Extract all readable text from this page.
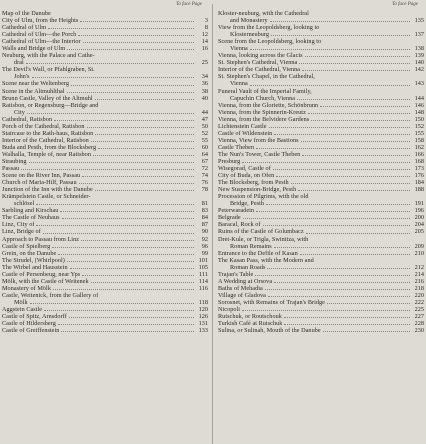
To face Page
Map of the Danube
City of Ulm, from the Heights	3
Cathedral of Ulm	8
Cathedral of Ulm—the Porch	12
Cathedral of Ulm—the Interior	14
Walls and Bridge of Ulm	16
Neuburg, with the Palace and Cathe-
dral	25
The Devil's Wall, or Pfahlgraben, St.
John's	34
Scene near the Weltenberg	36
Scene in the Altmuhlthal	38
Brunn Castle, Valley of the Altmuhl	40
Ratisbon, or Regensburg—Bridge and
City	44
Cathedral, Ratisbon	47
Porch of the Cathedral, Ratisbon	50
Staircase to the Rath-haus, Ratisbon	52
Interior of the Cathedral, Ratisbon	55
Buda and Pesth, from the Blocksberg	60
Walhalla, Temple of, near Ratisbon	64
Straubing	67
Passau	72
Scene on the River Inn, Passau	74
Church of Maria-Hilf, Passau	76
Junction of the Inn with the Danube	78
Krämpelstein Castle, or Schneider-
schlösel	81
Sarbling and Kirschau	83
The Castle of Neuhaus	84
Linz, City of	87
Linz, Bridge of	90
Approach to Passau from Linz	92
Castle of Spielberg	96
Grein, on the Danube	99
The Strudel, (Whirlpool)	101
The Wirbel and Hausstein	105
Castle of Persenbeug, near Yps	111
Mölk, with the Castle of Weitenek	114
Monastery of Mölk	116
Castle, Weitenick, from the Gallery of
Mölk	118
Aggstein Castle	120
Castle of Spitz, Arnsdorff	126
Castle of Hildersberg	131
Castle of Greiffenstein	133
To face Page
Kloster-neuburg, with the Cathedral
and Monastery	135
View from the Leopoldsberg, looking to
Klosterneuburg	137
Scene from the Leopoldsberg, looking to
Vienna	138
Vienna, looking across the Glacis	139
St. Stephen's Cathedral, Vienna	140
Interior of the Cathedral, Vienna	142
St. Stephen's Chapel, in the Cathedral,
Vienna	143
Funeral Vault of the Imperial Family,
Capuchin Church, Vienna	144
Vienna, from the Gloriette, Schönbrunn	146
Vienna, from the Spinnerin-Kreutz	148
Vienna, from the Belvidere Gardens	150
Lichtenstein Castle	152
Castle of Wildenstein	155
Vienna, View from the Bastions	158
Castle Theben	162
The Nun's Tower, Castle Theben	166
Presburg	168
Wisegorad, Castle of	173
City of Buda, on Ofen	176
The Blocksberg, from Pesth	184
New Suspension-Bridge, Pesth	188
Procession of Pilgrims, with the old
Bridge, Pesth	191
Peterwaradein	196
Belgrade	200
Baracal, Rock of	204
Ruins of the Castle of Golumbacz	205
Dret-Kule, or Trigla, Swinitza, with
Roman Remains	209
Entrance to the Defile of Kasan	210
The Kasan Pass, with the Modern and
Roman Roads	212
Trajan's Table	214
A Wedding at Orsova	216
Baths of Mehadia	218
Village of Gladova	220
Sorosnet, with Remains of Trajan's Bridge	222
Nicopoli	225
Rutschuk, or Routschouk	227
Turkish Café at Rutschuk	228
Sulina, or Sulinah, Mouth of the Danube	230
